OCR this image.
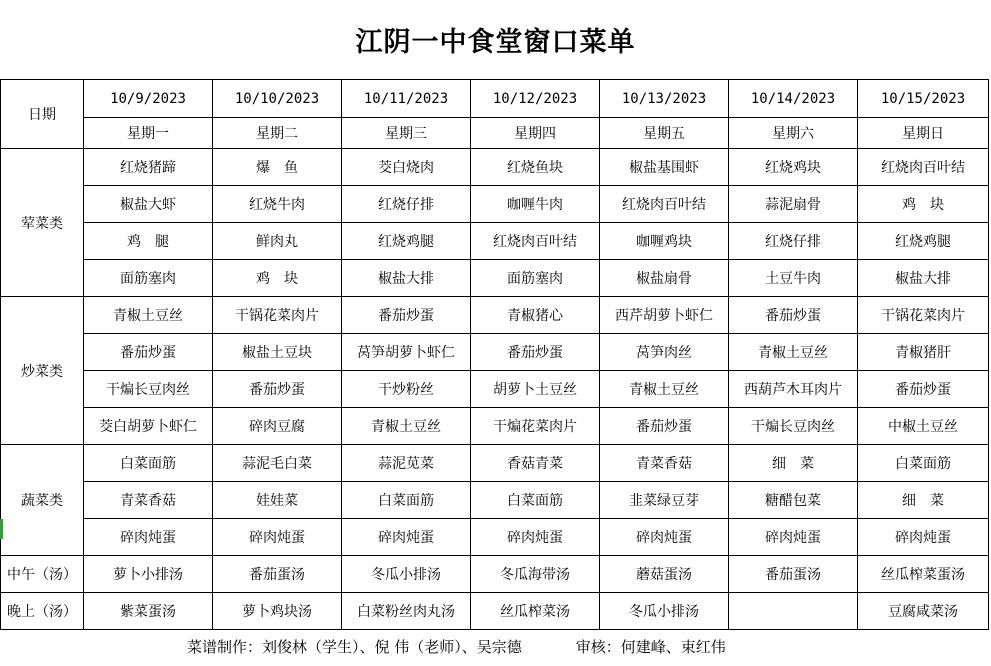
江阴一中食堂窗口菜单
日期	10/9/2023	10/10/2023	10/11/2023	10/12/2023	10/13/2023	10/14/2023	10/15/2023
	星期一	星期二	星期三	星期四	星期五	星期六	星期日
荤菜类	红烧猪蹄	爆　鱼	茭白烧肉	红烧鱼块	椒盐基围虾	红烧鸡块	红烧肉百叶结
	椒盐大虾	红烧牛肉	红烧仔排	咖喱牛肉	红烧肉百叶结	蒜泥扇骨	鸡　块
	鸡　腿	鲜肉丸	红烧鸡腿	红烧肉百叶结	咖喱鸡块	红烧仔排	红烧鸡腿
	面筋塞肉	鸡　块	椒盐大排	面筋塞肉	椒盐扇骨	土豆牛肉	椒盐大排
炒菜类	青椒土豆丝	干锅花菜肉片	番茄炒蛋	青椒猪心	西芹胡萝卜虾仁	番茄炒蛋	干锅花菜肉片
	番茄炒蛋	椒盐土豆块	莴笋胡萝卜虾仁	番茄炒蛋	莴笋肉丝	青椒土豆丝	青椒猪肝
	干煸长豆肉丝	番茄炒蛋	干炒粉丝	胡萝卜土豆丝	青椒土豆丝	西葫芦木耳肉片	番茄炒蛋
	茭白胡萝卜虾仁	碎肉豆腐	青椒土豆丝	干煸花菜肉片	番茄炒蛋	干煸长豆肉丝	中椒土豆丝
蔬菜类	白菜面筋	蒜泥毛白菜	蒜泥苋菜	香菇青菜	青菜香菇	细　菜	白菜面筋
	青菜香菇	娃娃菜	白菜面筋	白菜面筋	韭菜绿豆芽	糖醋包菜	细　菜
	碎肉炖蛋	碎肉炖蛋	碎肉炖蛋	碎肉炖蛋	碎肉炖蛋	碎肉炖蛋	碎肉炖蛋
中午（汤）	萝卜小排汤	番茄蛋汤	冬瓜小排汤	冬瓜海带汤	蘑菇蛋汤	番茄蛋汤	丝瓜榨菜蛋汤
晚上（汤）	紫菜蛋汤	萝卜鸡块汤	白菜粉丝肉丸汤	丝瓜榨菜汤	冬瓜小排汤		豆腐咸菜汤
菜谱制作：刘俊林（学生）、倪 伟（老师）、吴宗德	审核：何建峰、束红伟
